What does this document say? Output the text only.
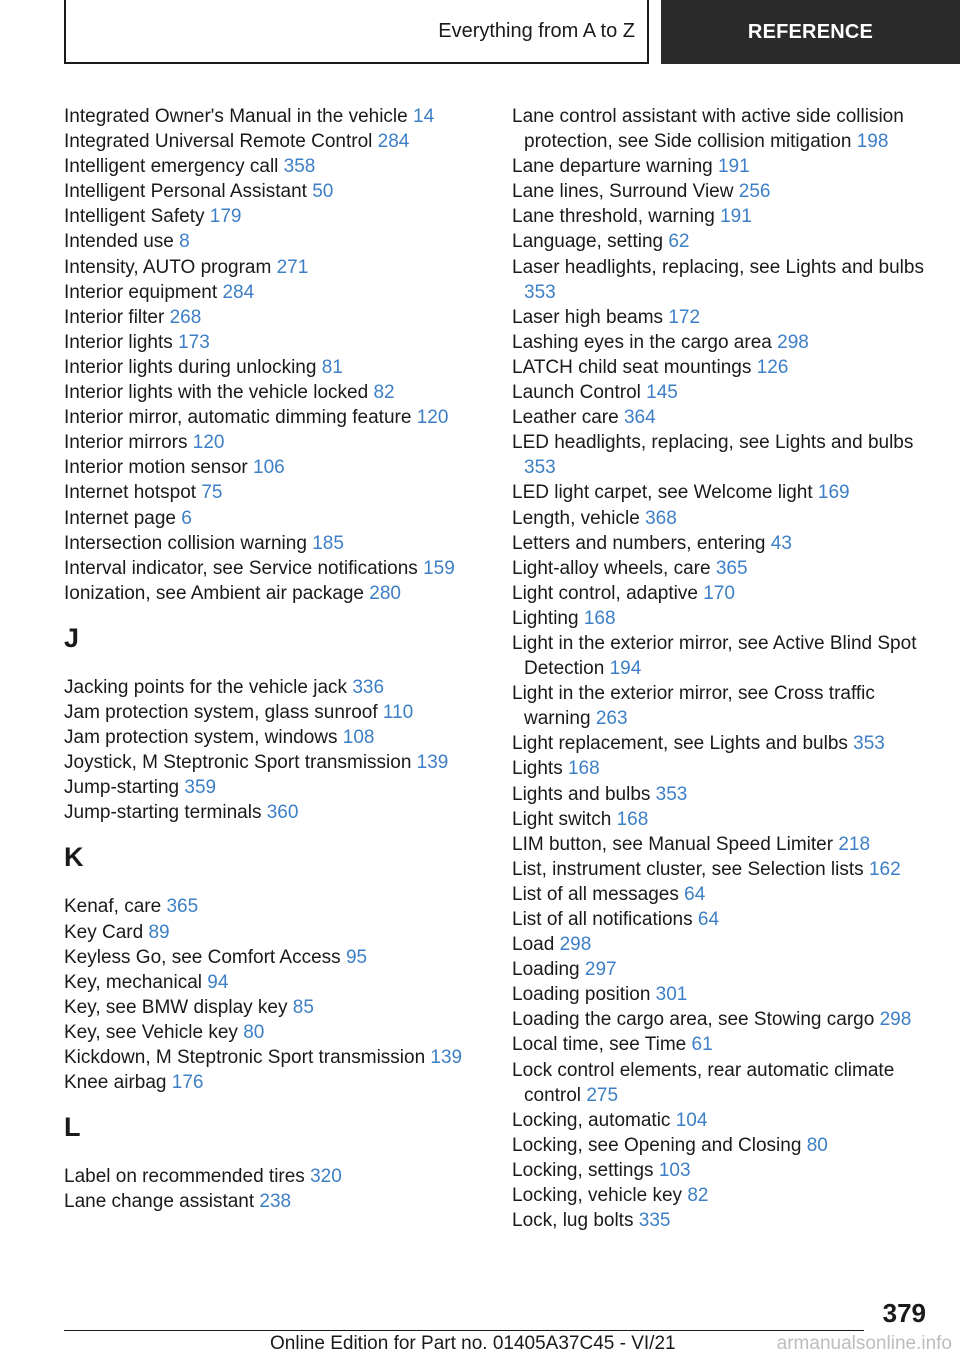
Everything from A to Z	REFERENCE
Integrated Owner's Manual in the vehicle 14
Integrated Universal Remote Control 284
Intelligent emergency call 358
Intelligent Personal Assistant 50
Intelligent Safety 179
Intended use 8
Intensity, AUTO program 271
Interior equipment 284
Interior filter 268
Interior lights 173
Interior lights during unlocking 81
Interior lights with the vehicle locked 82
Interior mirror, automatic dimming feature 120
Interior mirrors 120
Interior motion sensor 106
Internet hotspot 75
Internet page 6
Intersection collision warning 185
Interval indicator, see Service notifications 159
Ionization, see Ambient air package 280
J
Jacking points for the vehicle jack 336
Jam protection system, glass sunroof 110
Jam protection system, windows 108
Joystick, M Steptronic Sport transmission 139
Jump-starting 359
Jump-starting terminals 360
K
Kenaf, care 365
Key Card 89
Keyless Go, see Comfort Access 95
Key, mechanical 94
Key, see BMW display key 85
Key, see Vehicle key 80
Kickdown, M Steptronic Sport transmission 139
Knee airbag 176
L
Label on recommended tires 320
Lane change assistant 238
Lane control assistant with active side collision protection, see Side collision mitigation 198
Lane departure warning 191
Lane lines, Surround View 256
Lane threshold, warning 191
Language, setting 62
Laser headlights, replacing, see Lights and bulbs 353
Laser high beams 172
Lashing eyes in the cargo area 298
LATCH child seat mountings 126
Launch Control 145
Leather care 364
LED headlights, replacing, see Lights and bulbs 353
LED light carpet, see Welcome light 169
Length, vehicle 368
Letters and numbers, entering 43
Light-alloy wheels, care 365
Light control, adaptive 170
Lighting 168
Light in the exterior mirror, see Active Blind Spot Detection 194
Light in the exterior mirror, see Cross traffic warning 263
Light replacement, see Lights and bulbs 353
Lights 168
Lights and bulbs 353
Light switch 168
LIM button, see Manual Speed Limiter 218
List, instrument cluster, see Selection lists 162
List of all messages 64
List of all notifications 64
Load 298
Loading 297
Loading position 301
Loading the cargo area, see Stowing cargo 298
Local time, see Time 61
Lock control elements, rear automatic climate control 275
Locking, automatic 104
Locking, see Opening and Closing 80
Locking, settings 103
Locking, vehicle key 82
Lock, lug bolts 335
379
Online Edition for Part no. 01405A37C45 - VI/21	armanualsonline.info
